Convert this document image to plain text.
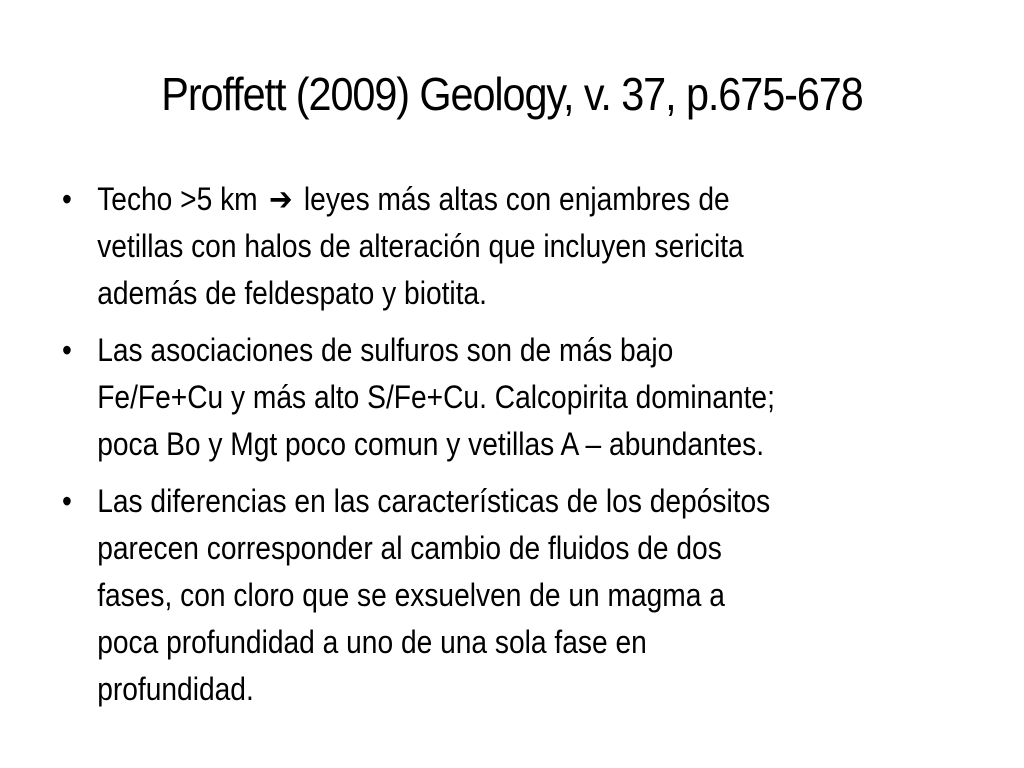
Proffett (2009) Geology, v. 37, p.675-678
• Techo >5 km ➔ leyes más altas con enjambres de
vetillas con halos de alteración que incluyen sericita
además de feldespato y biotita.
• Las asociaciones de sulfuros son de más bajo
Fe/Fe+Cu y más alto S/Fe+Cu. Calcopirita dominante;
poca Bo y Mgt poco comun y vetillas A – abundantes.
• Las diferencias en las características de los depósitos
parecen corresponder al cambio de fluidos de dos
fases, con cloro que se exsuelven de un magma a
poca profundidad a uno de una sola fase en
profundidad.
